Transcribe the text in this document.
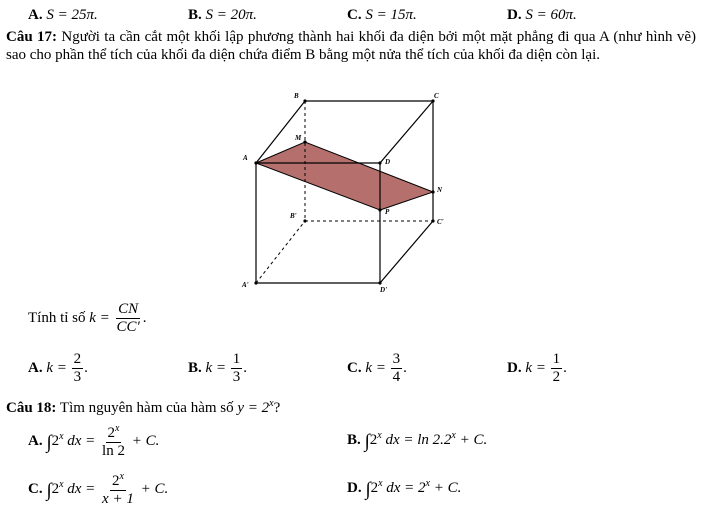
A. S = 25π.	B. S = 20π.	C. S = 15π.	D. S = 60π.
Câu 17: Người ta cần cắt một khối lập phương thành hai khối đa diện bởi một mặt phẳng đi qua A (như hình vẽ) sao cho phần thể tích của khối đa diện chứa điểm B bằng một nửa thể tích của khối đa diện còn lại.
B	C
M
A	D
N
P
B'
C'
A'
D'
Tính tỉ số $k = \frac{CN}{CC'}$ .
A. $k = \frac{2}{3}$ .	B. $k = \frac{1}{3}$ .	C. $k = \frac{3}{4}$ .	D. $k = \frac{1}{2}$ .
Câu 18: Tìm nguyên hàm của hàm số $y = 2^x$?
A. ∫2$^x$ dx = $\frac{2^x}{\ln 2} + C$.	B. ∫2$^x$ dx = $\ln 2.2^x + C$.
C. ∫2$^x$ dx = $\frac{2^x}{x + 1} + C$.	D. ∫2$^x$ dx = $2^x + C$.
